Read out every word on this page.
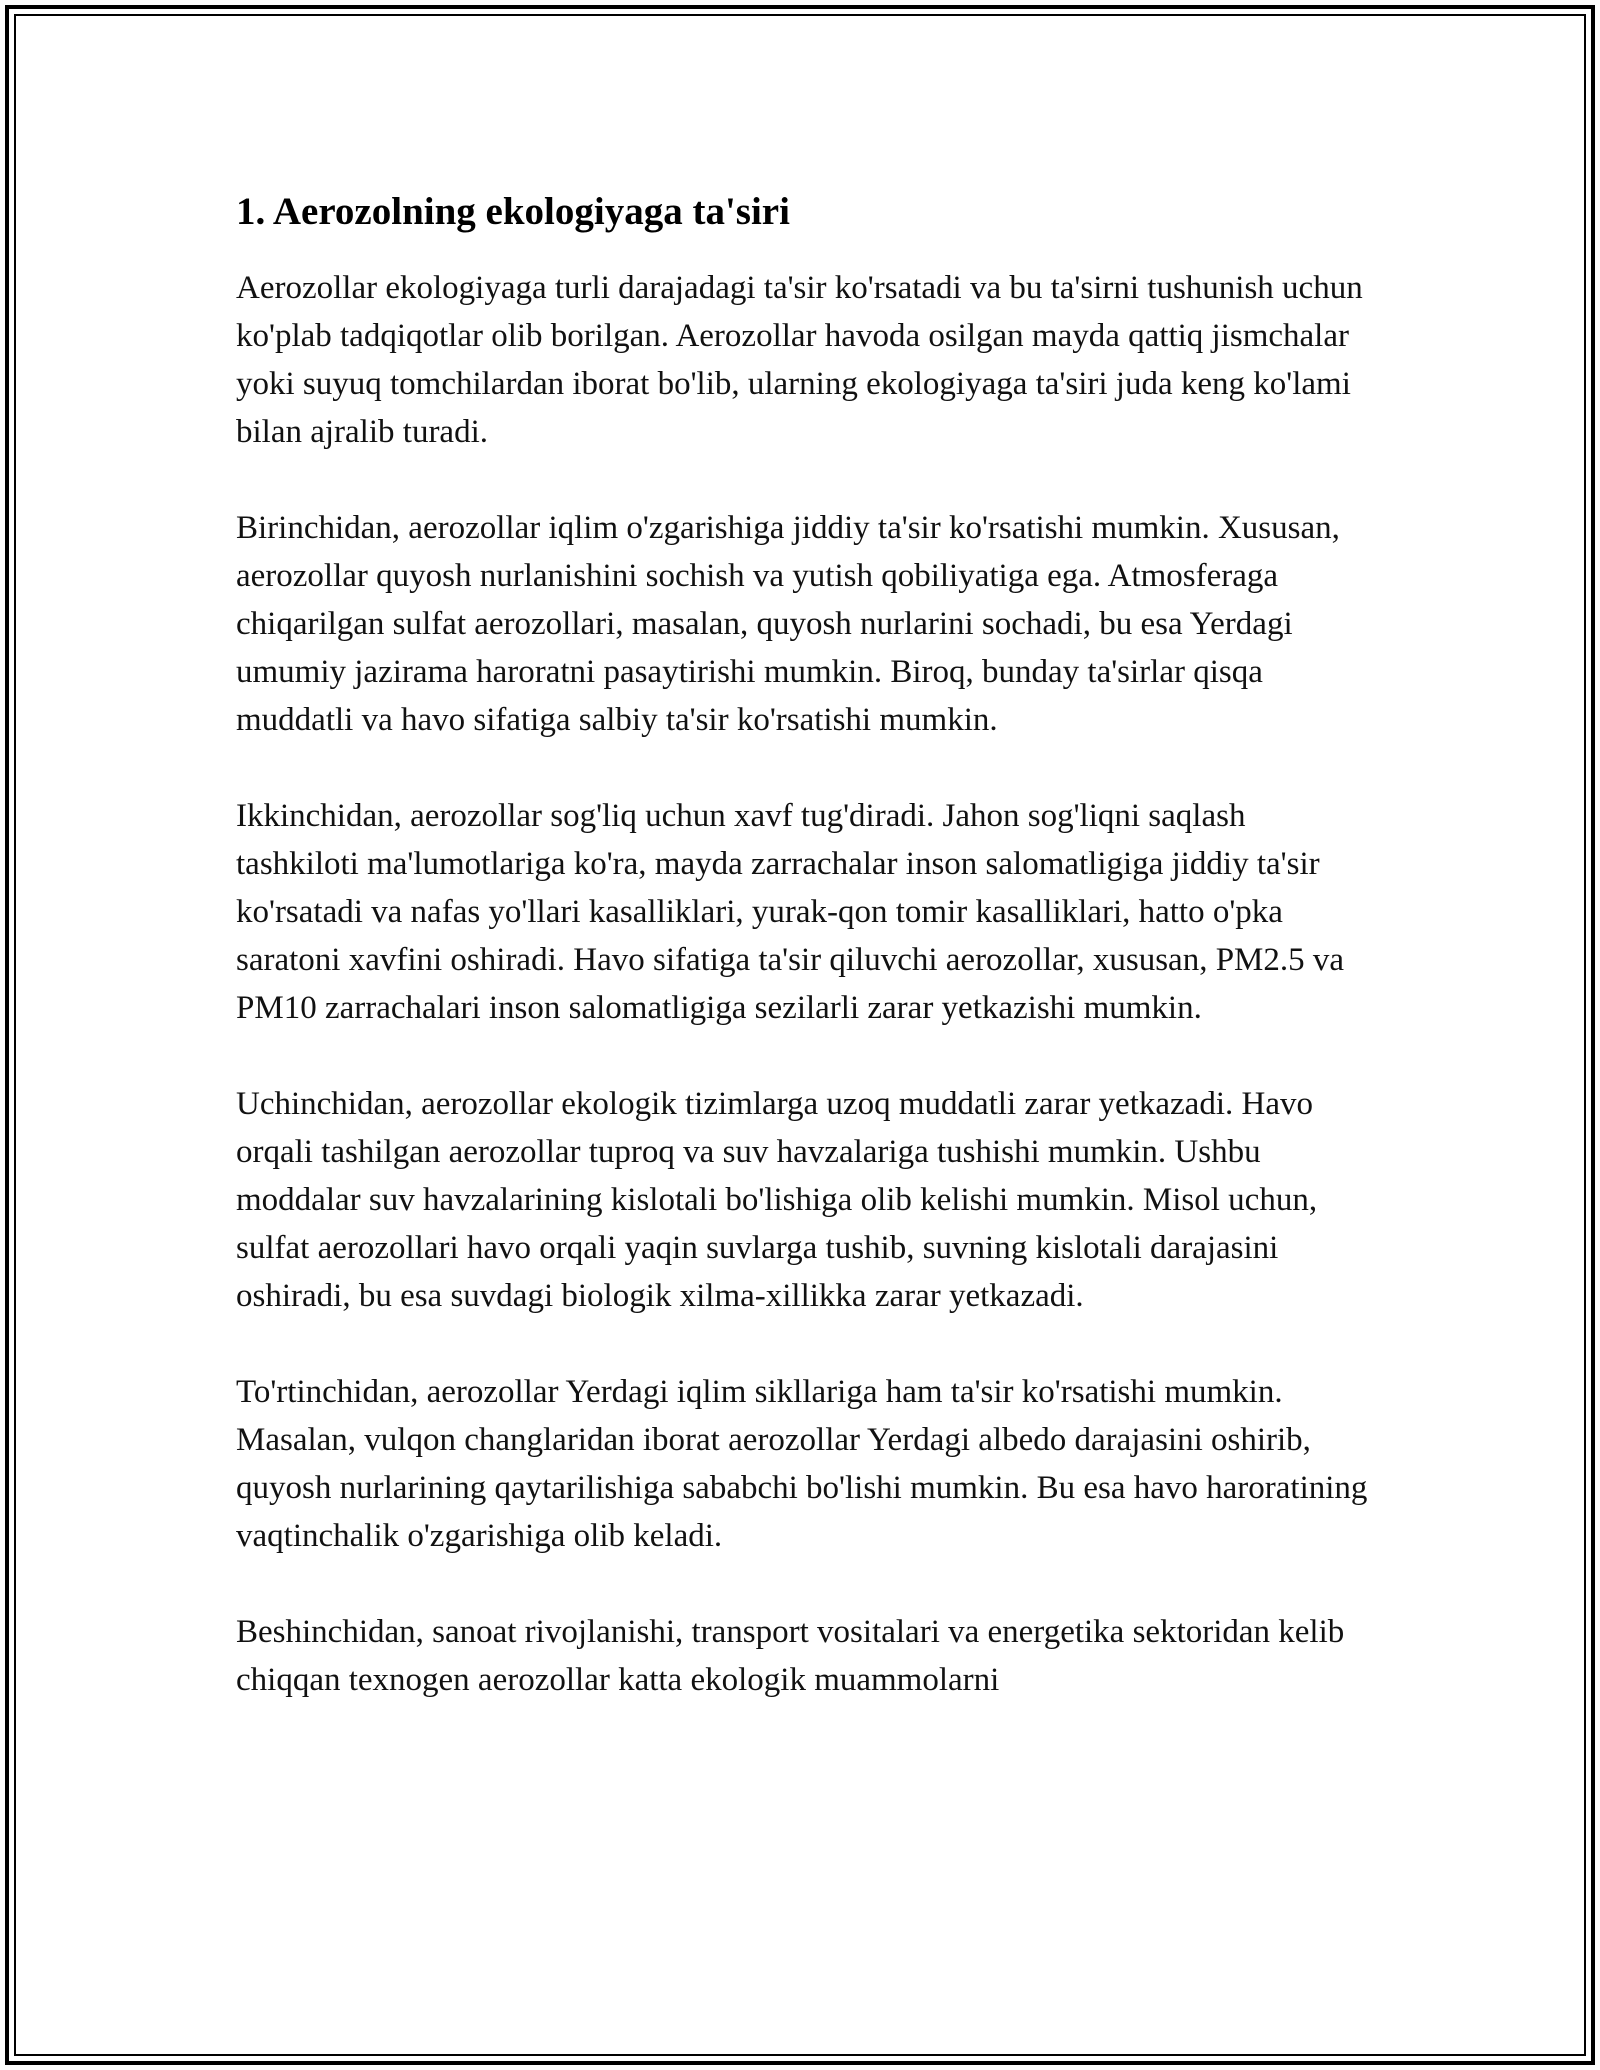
1. Aerozolning ekologiyaga ta'siri

Aerozollar ekologiyaga turli darajadagi ta'sir ko'rsatadi va bu ta'sirni tushunish uchun ko'plab tadqiqotlar olib borilgan. Aerozollar havoda osilgan mayda qattiq jismchalar yoki suyuq tomchilardan iborat bo'lib, ularning ekologiyaga ta'siri juda keng ko'lami bilan ajralib turadi.

Birinchidan, aerozollar iqlim o'zgarishiga jiddiy ta'sir ko'rsatishi mumkin. Xususan, aerozollar quyosh nurlanishini sochish va yutish qobiliyatiga ega. Atmosferaga chiqarilgan sulfat aerozollari, masalan, quyosh nurlarini sochadi, bu esa Yerdagi umumiy jazirama haroratni pasaytirishi mumkin. Biroq, bunday ta'sirlar qisqa muddatli va havo sifatiga salbiy ta'sir ko'rsatishi mumkin.

Ikkinchidan, aerozollar sog'liq uchun xavf tug'diradi. Jahon sog'liqni saqlash tashkiloti ma'lumotlariga ko'ra, mayda zarrachalar inson salomatligiga jiddiy ta'sir ko'rsatadi va nafas yo'llari kasalliklari, yurak-qon tomir kasalliklari, hatto o'pka saratoni xavfini oshiradi. Havo sifatiga ta'sir qiluvchi aerozollar, xususan, PM2.5 va PM10 zarrachalari inson salomatligiga sezilarli zarar yetkazishi mumkin.

Uchinchidan, aerozollar ekologik tizimlarga uzoq muddatli zarar yetkazadi. Havo orqali tashilgan aerozollar tuproq va suv havzalariga tushishi mumkin. Ushbu moddalar suv havzalarining kislotali bo'lishiga olib kelishi mumkin. Misol uchun, sulfat aerozollari havo orqali yaqin suvlarga tushib, suvning kislotali darajasini oshiradi, bu esa suvdagi biologik xilma-xillikka zarar yetkazadi.

To'rtinchidan, aerozollar Yerdagi iqlim sikllariga ham ta'sir ko'rsatishi mumkin. Masalan, vulqon changlaridan iborat aerozollar Yerdagi albedo darajasini oshirib, quyosh nurlarining qaytarilishiga sababchi bo'lishi mumkin. Bu esa havo haroratining vaqtinchalik o'zgarishiga olib keladi.

Beshinchidan, sanoat rivojlanishi, transport vositalari va energetika sektoridan kelib chiqqan texnogen aerozollar katta ekologik muammolarni
